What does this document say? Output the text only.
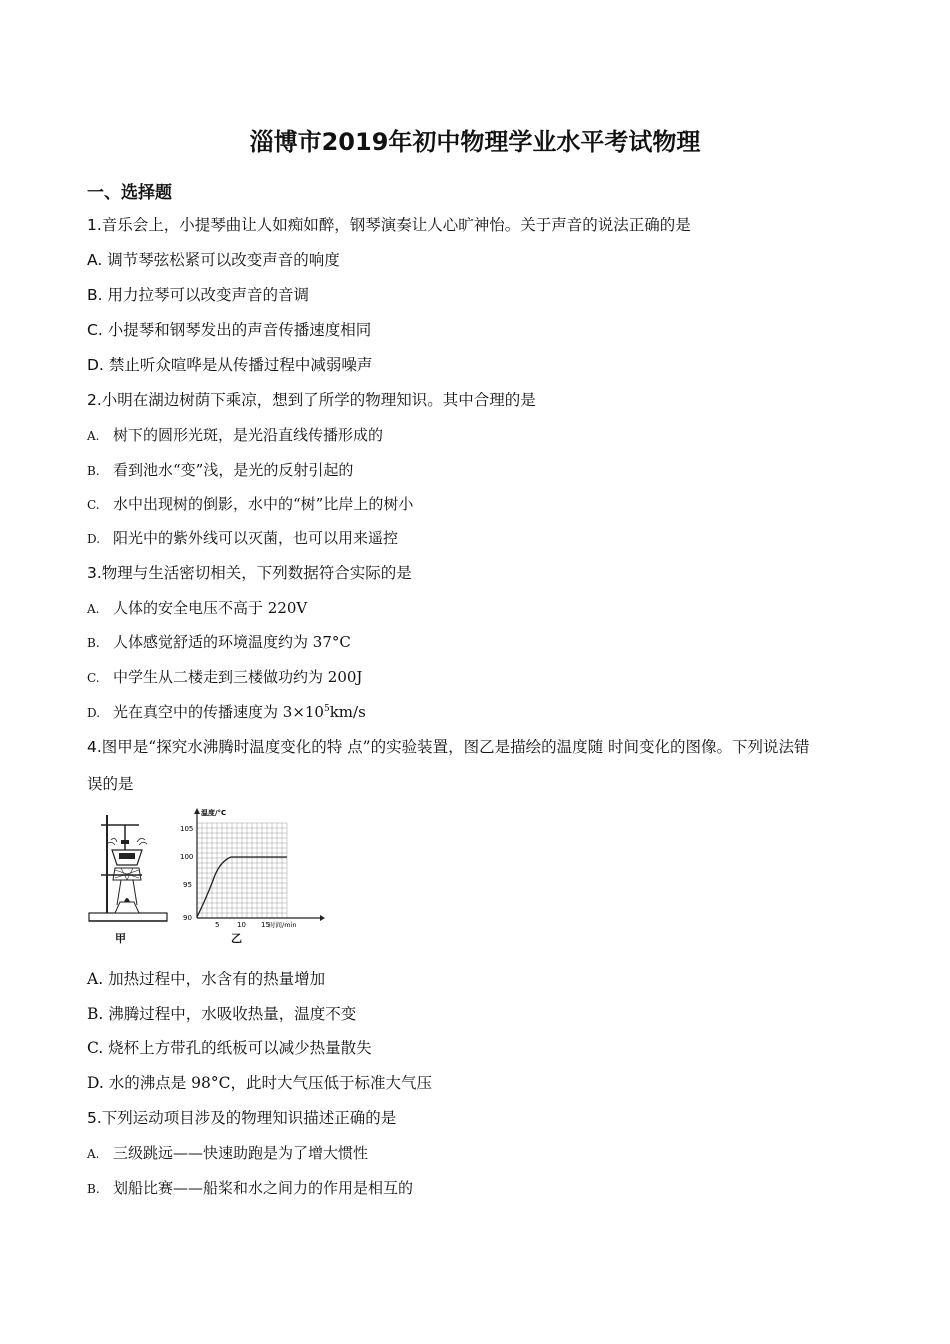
淄博市2019年初中物理学业水平考试物理
一、选择题
1.音乐会上，小提琴曲让人如痴如醉，钢琴演奏让人心旷神怡。关于声音的说法正确的是
A. 调节琴弦松紧可以改变声音的响度
B. 用力拉琴可以改变声音的音调
C. 小提琴和钢琴发出的声音传播速度相同
D. 禁止听众喧哗是从传播过程中减弱噪声
2.小明在湖边树荫下乘凉，想到了所学的物理知识。其中合理的是
A. 树下的圆形光斑，是光沿直线传播形成的
B. 看到池水“变”浅，是光的反射引起的
C. 水中出现树的倒影，水中的“树”比岸上的树小
D. 阳光中的紫外线可以灭菌，也可以用来遥控
3.物理与生活密切相关，下列数据符合实际的是
A. 人体的安全电压不高于 220V
B. 人体感觉舒适的环境温度约为 37°C
C. 中学生从二楼走到三楼做功约为 200J
D. 光在真空中的传播速度为 $3\times 10^5km/s$
4.图甲是“探究水沸腾时温度变化的特 点”的实验装置，图乙是描绘的温度随 时间变化的图像。下列说法错
误的是
甲
温度/°C
时间/min
105
100
95
90
5	10 15
乙
A. 加热过程中，水含有的热量增加
B. 沸腾过程中，水吸收热量，温度不变
C. 烧杯上方带孔的纸板可以减少热量散失
D. 水的沸点是 98°C，此时大气压低于标准大气压
5.下列运动项目涉及的物理知识描述正确的是
A. 三级跳远——快速助跑是为了增大惯性
B. 划船比赛——船桨和水之间力的作用是相互的
